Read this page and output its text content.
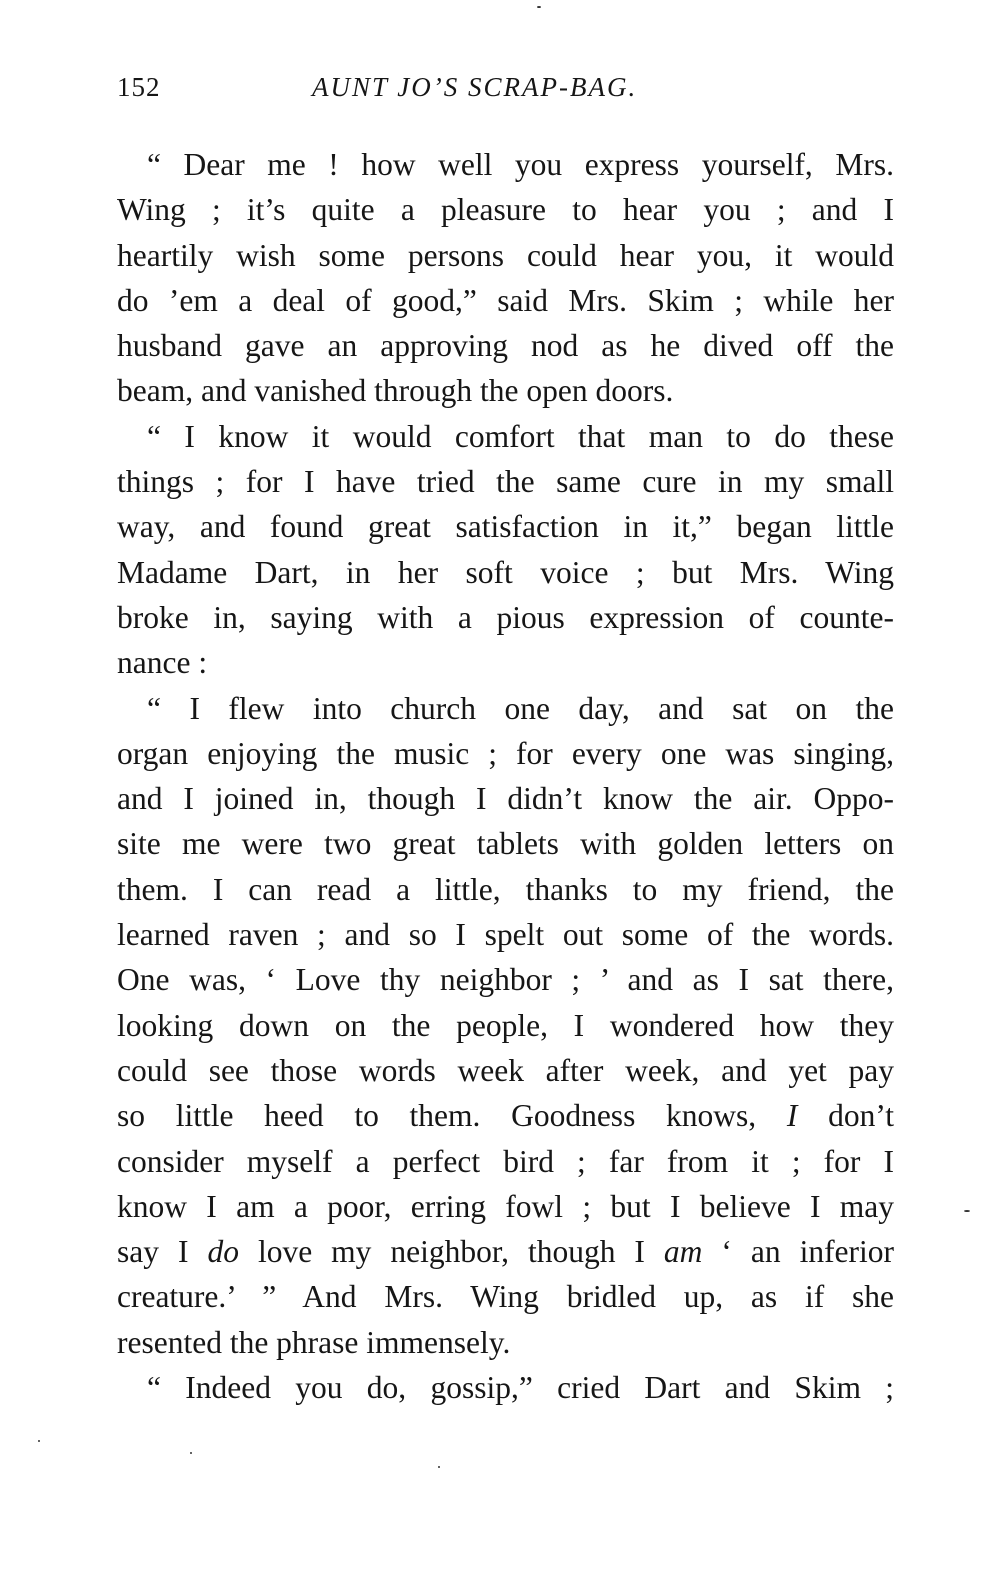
152	AUNT JO’S SCRAP-BAG.
“ Dear me ! how well you express yourself, Mrs.
Wing ; it’s quite a pleasure to hear you ; and I
heartily wish some persons could hear you, it would
do ’em a deal of good,” said Mrs. Skim ; while her
husband gave an approving nod as he dived off the
beam, and vanished through the open doors.
“ I know it would comfort that man to do these
things ; for I have tried the same cure in my small
way, and found great satisfaction in it,” began little
Madame Dart, in her soft voice ; but Mrs. Wing
broke in, saying with a pious expression of counte-
nance :
“ I flew into church one day, and sat on the
organ enjoying the music ; for every one was singing,
and I joined in, though I didn’t know the air. Oppo-
site me were two great tablets with golden letters on
them. I can read a little, thanks to my friend, the
learned raven ; and so I spelt out some of the words.
One was, ‘ Love thy neighbor ; ’ and as I sat there,
looking down on the people, I wondered how they
could see those words week after week, and yet pay
so little heed to them. Goodness knows, I don’t
consider myself a perfect bird ; far from it ; for I
know I am a poor, erring fowl ; but I believe I may
say I do love my neighbor, though I am ‘ an inferior
creature.’ ” And Mrs. Wing bridled up, as if she
resented the phrase immensely.
“ Indeed you do, gossip,” cried Dart and Skim ;
